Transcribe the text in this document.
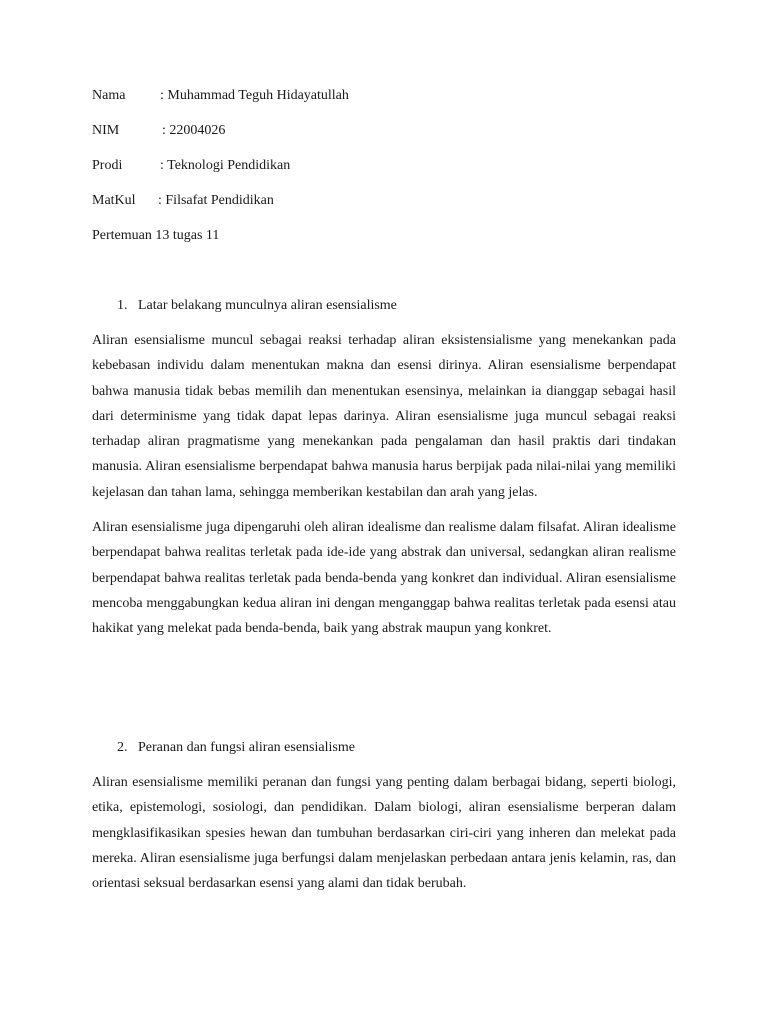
Nama	: Muhammad Teguh Hidayatullah
NIM	: 22004026
Prodi	: Teknologi Pendidikan
MatKul	: Filsafat Pendidikan
Pertemuan 13 tugas 11
1. Latar belakang munculnya aliran esensialisme

Aliran esensialisme muncul sebagai reaksi terhadap aliran eksistensialisme yang menekankan pada kebebasan individu dalam menentukan makna dan esensi dirinya. Aliran esensialisme berpendapat bahwa manusia tidak bebas memilih dan menentukan esensinya, melainkan ia dianggap sebagai hasil dari determinisme yang tidak dapat lepas darinya. Aliran esensialisme juga muncul sebagai reaksi terhadap aliran pragmatisme yang menekankan pada pengalaman dan hasil praktis dari tindakan manusia. Aliran esensialisme berpendapat bahwa manusia harus berpijak pada nilai-nilai yang memiliki kejelasan dan tahan lama, sehingga memberikan kestabilan dan arah yang jelas.

Aliran esensialisme juga dipengaruhi oleh aliran idealisme dan realisme dalam filsafat. Aliran idealisme berpendapat bahwa realitas terletak pada ide-ide yang abstrak dan universal, sedangkan aliran realisme berpendapat bahwa realitas terletak pada benda-benda yang konkret dan individual. Aliran esensialisme mencoba menggabungkan kedua aliran ini dengan menganggap bahwa realitas terletak pada esensi atau hakikat yang melekat pada benda-benda, baik yang abstrak maupun yang konkret.

2. Peranan dan fungsi aliran esensialisme

Aliran esensialisme memiliki peranan dan fungsi yang penting dalam berbagai bidang, seperti biologi, etika, epistemologi, sosiologi, dan pendidikan. Dalam biologi, aliran esensialisme berperan dalam mengklasifikasikan spesies hewan dan tumbuhan berdasarkan ciri-ciri yang inheren dan melekat pada mereka. Aliran esensialisme juga berfungsi dalam menjelaskan perbedaan antara jenis kelamin, ras, dan orientasi seksual berdasarkan esensi yang alami dan tidak berubah.
